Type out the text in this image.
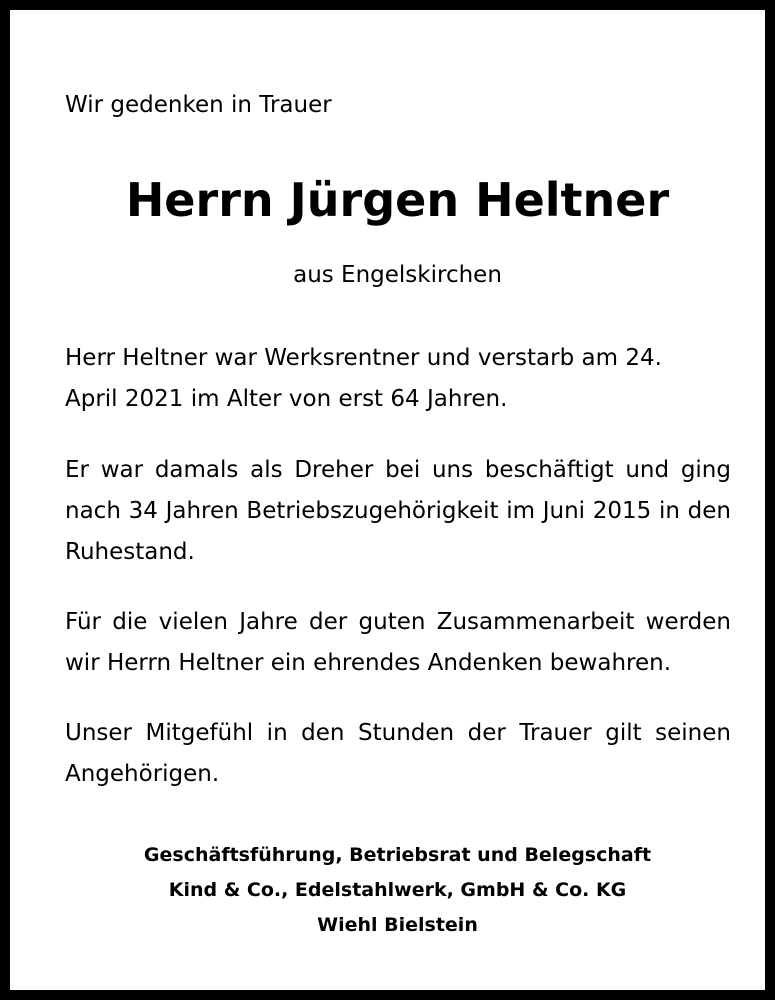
Wir gedenken in Trauer
Herrn Jürgen Heltner
aus Engelskirchen

Herr Heltner war Werksrentner und verstarb am 24. April 2021 im Alter von erst 64 Jahren.

Er war damals als Dreher bei uns beschäftigt und ging nach 34 Jahren Betriebszugehörigkeit im Juni 2015 in den Ruhestand.

Für die vielen Jahre der guten Zusammenarbeit werden wir Herrn Heltner ein ehrendes Andenken bewahren.

Unser Mitgefühl in den Stunden der Trauer gilt seinen Angehörigen.

Geschäftsführung, Betriebsrat und Belegschaft
Kind & Co., Edelstahlwerk, GmbH & Co. KG
Wiehl Bielstein
